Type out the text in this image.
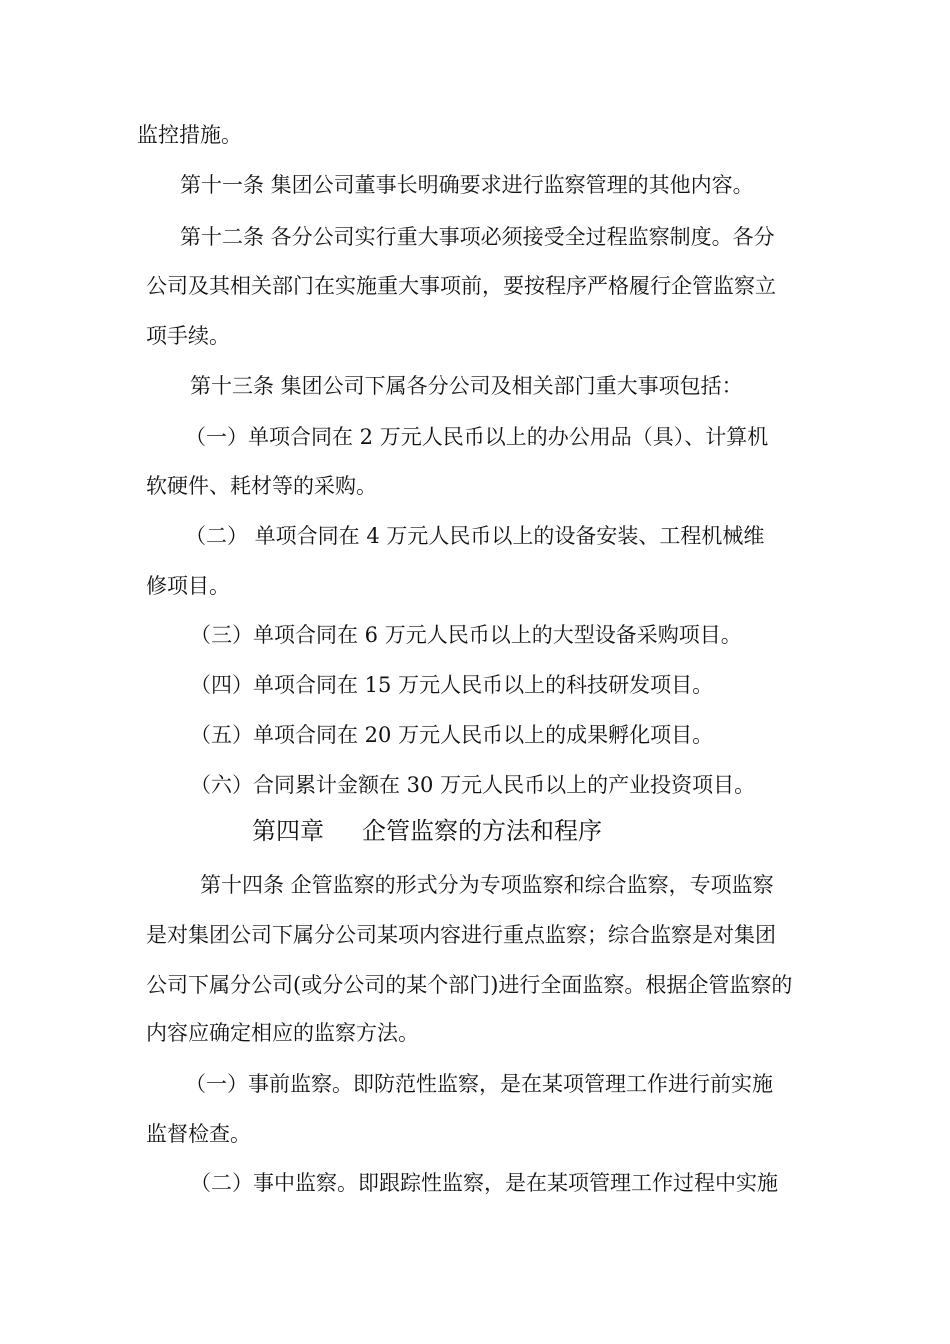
监控措施。
第十一条 集团公司董事长明确要求进行监察管理的其他内容。
第十二条 各分公司实行重大事项必须接受全过程监察制度。各分
公司及其相关部门在实施重大事项前，要按程序严格履行企管监察立
项手续。
第十三条 集团公司下属各分公司及相关部门重大事项包括：
（一）单项合同在 2 万元人民币以上的办公用品（具）、计算机
软硬件、耗材等的采购。
（二） 单项合同在 4 万元人民币以上的设备安装、工程机械维
修项目。
（三）单项合同在 6 万元人民币以上的大型设备采购项目。
（四）单项合同在 15 万元人民币以上的科技研发项目。
（五）单项合同在 20 万元人民币以上的成果孵化项目。
（六）合同累计金额在 30 万元人民币以上的产业投资项目。
第四章 企管监察的方法和程序
第十四条 企管监察的形式分为专项监察和综合监察，专项监察
是对集团公司下属分公司某项内容进行重点监察；综合监察是对集团
公司下属分公司(或分公司的某个部门)进行全面监察。根据企管监察的
内容应确定相应的监察方法。
（一）事前监察。即防范性监察，是在某项管理工作进行前实施
监督检查。
（二）事中监察。即跟踪性监察，是在某项管理工作过程中实施
